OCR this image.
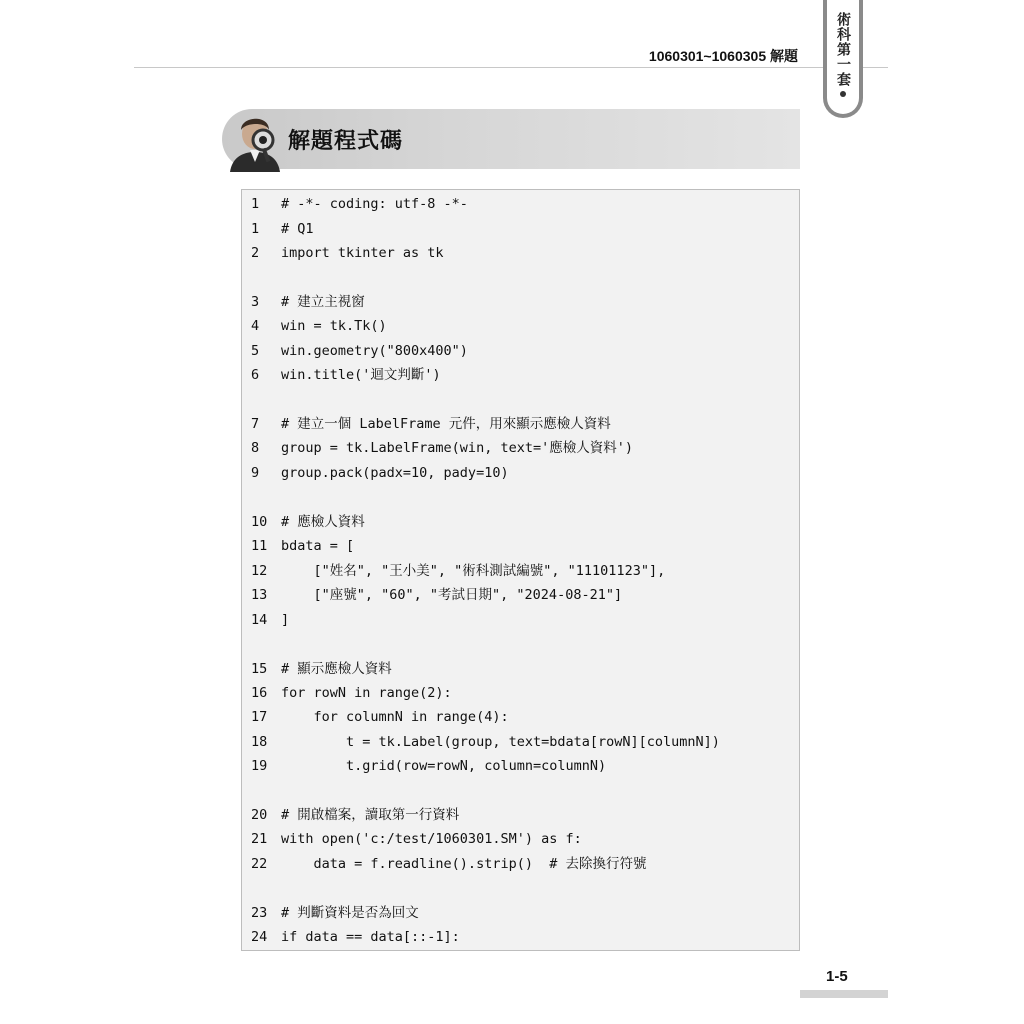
1060301~1060305 解題	術科第一套
解題程式碼
1	# -*- coding: utf-8 -*-
1	# Q1
2	import tkinter as tk
3	# 建立主視窗
4	win = tk.Tk()
5	win.geometry("800x400")
6	win.title('迴文判斷')
7	# 建立一個 LabelFrame 元件，用來顯示應檢人資料
8	group = tk.LabelFrame(win, text='應檢人資料')
9	group.pack(padx=10, pady=10)
10	# 應檢人資料
11	bdata = [
12	["姓名", "王小美", "術科測試編號", "11101123"],
13	["座號", "60", "考試日期", "2024-08-21"]
14	]
15	# 顯示應檢人資料
16	for rowN in range(2):
17	for columnN in range(4):
18	t = tk.Label(group, text=bdata[rowN][columnN])
19	t.grid(row=rowN, column=columnN)
20	# 開啟檔案，讀取第一行資料
21	with open('c:/test/1060301.SM') as f:
22	data = f.readline().strip()  # 去除換行符號
23	# 判斷資料是否為回文
24	if data == data[::-1]:
1-5
